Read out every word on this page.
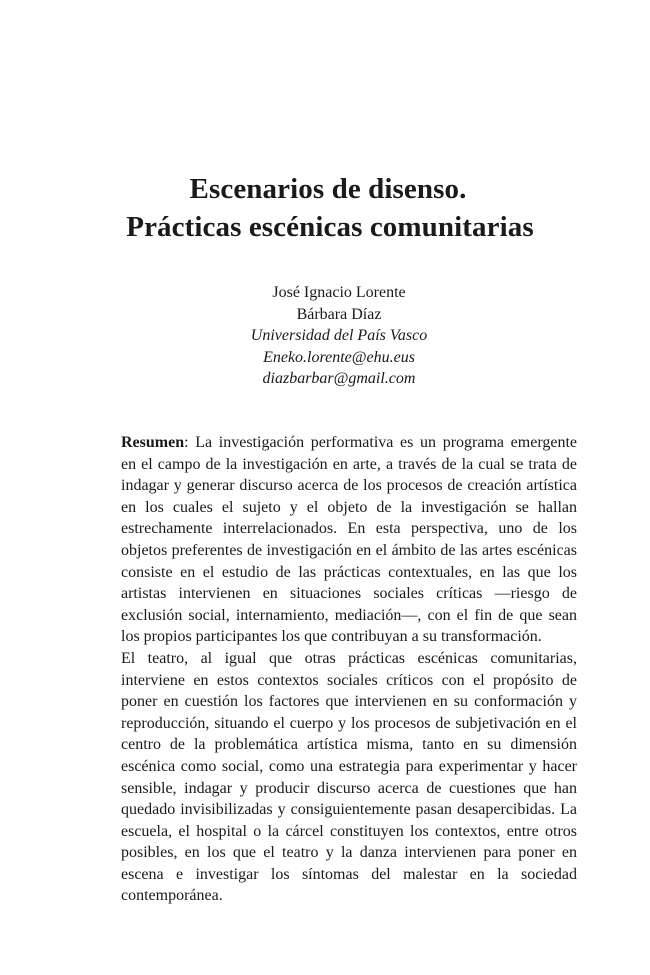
Escenarios de disenso.
Prácticas escénicas comunitarias
José Ignacio Lorente
Bárbara Díaz
Universidad del País Vasco
Eneko.lorente@ehu.eus
diazbarbar@gmail.com

Resumen: La investigación performativa es un programa emergente en el campo de la investigación en arte, a través de la cual se trata de indagar y generar discurso acerca de los procesos de creación artística en los cuales el sujeto y el objeto de la investigación se hallan estrechamente interrelacionados. En esta perspectiva, uno de los objetos preferentes de investigación en el ámbito de las artes escénicas consiste en el estudio de las prácticas contextuales, en las que los artistas intervienen en situaciones sociales críticas —riesgo de exclusión social, internamiento, mediación—, con el fin de que sean los propios participantes los que contribuyan a su transformación.

El teatro, al igual que otras prácticas escénicas comunitarias, interviene en estos contextos sociales críticos con el propósito de poner en cuestión los factores que intervienen en su conformación y reproducción, situando el cuerpo y los procesos de subjetivación en el centro de la problemática artística misma, tanto en su dimensión escénica como social, como una estrategia para experimentar y hacer sensible, indagar y producir discurso acerca de cuestiones que han quedado invisibilizadas y consiguientemente pasan desapercibidas. La escuela, el hospital o la cárcel constituyen los contextos, entre otros posibles, en los que el teatro y la danza intervienen para poner en escena e investigar los síntomas del malestar en la sociedad contemporánea.
